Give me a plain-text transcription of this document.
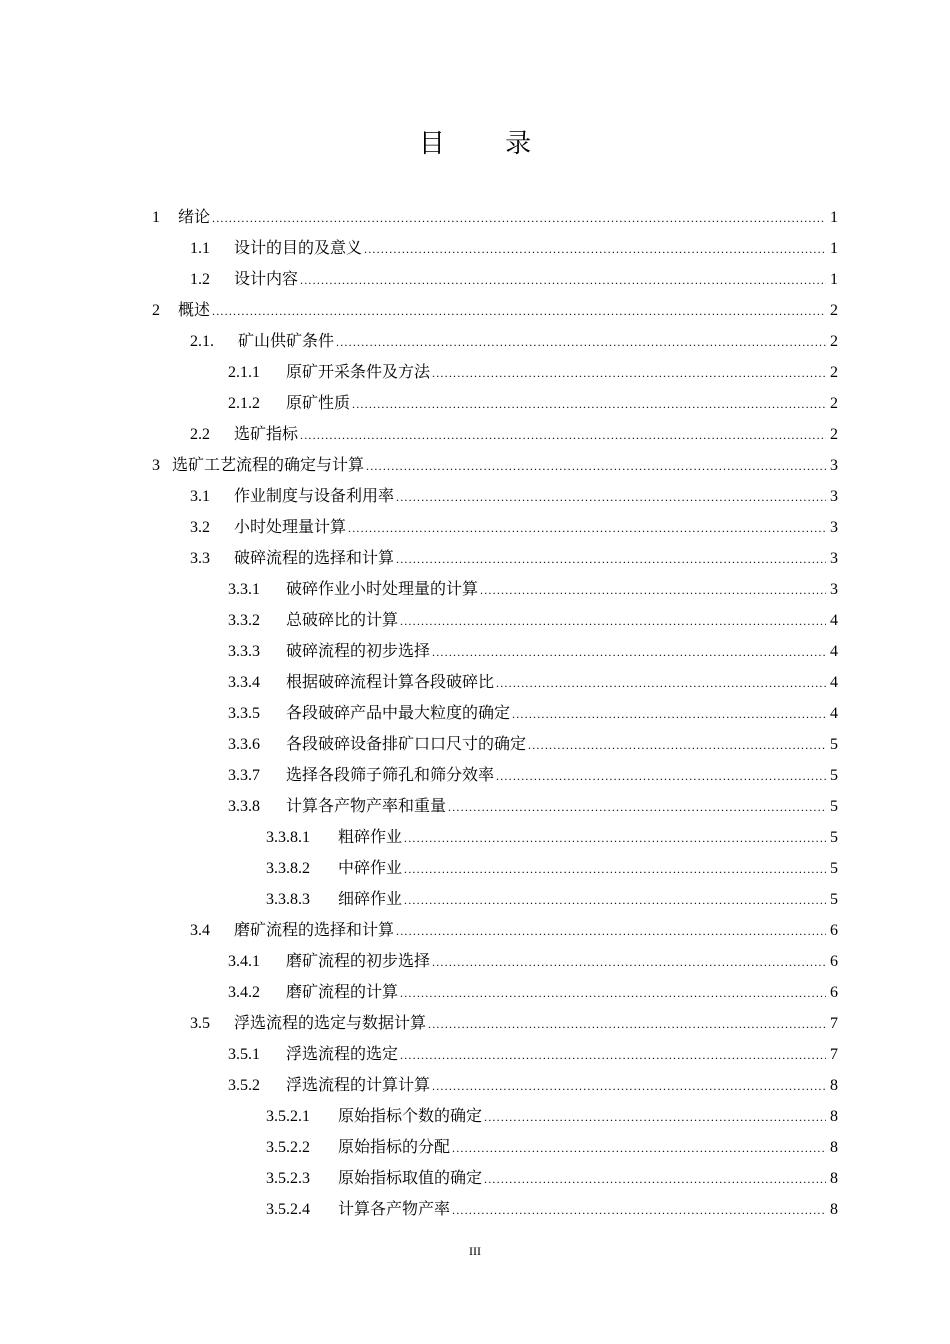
目 录
1	绪论 .....	1
1.1	设计的目的及意义 .....	1
1.2	设计内容 .....	1
2	概述 .....	2
2.1.	矿山供矿条件 .....	2
2.1.1	原矿开采条件及方法 .....	2
2.1.2	原矿性质 .....	2
2.2	选矿指标 .....	2
3 选矿工艺流程的确定与计算 .....	3
3.1	作业制度与设备利用率 .....	3
3.2	小时处理量计算 .....	3
3.3	破碎流程的选择和计算 .....	3
3.3.1	破碎作业小时处理量的计算 .....	3
3.3.2	总破碎比的计算 .....	4
3.3.3	破碎流程的初步选择 .....	4
3.3.4	根据破碎流程计算各段破碎比 .....	4
3.3.5	各段破碎产品中最大粒度的确定 .....	4
3.3.6	各段破碎设备排矿口口尺寸的确定 .....	5
3.3.7	选择各段筛子筛孔和筛分效率 .....	5
3.3.8	计算各产物产率和重量 .....	5
3.3.8.1	粗碎作业 .....	5
3.3.8.2	中碎作业 .....	5
3.3.8.3	细碎作业 .....	5
3.4	磨矿流程的选择和计算 .....	6
3.4.1	磨矿流程的初步选择 .....	6
3.4.2	磨矿流程的计算 .....	6
3.5	浮选流程的选定与数据计算 .....	7
3.5.1	浮选流程的选定 .....	7
3.5.2	浮选流程的计算计算 .....	8
3.5.2.1	原始指标个数的确定 .....	8
3.5.2.2	原始指标的分配 .....	8
3.5.2.3	原始指标取值的确定 .....	8
3.5.2.4	计算各产物产率 .....	8
III
